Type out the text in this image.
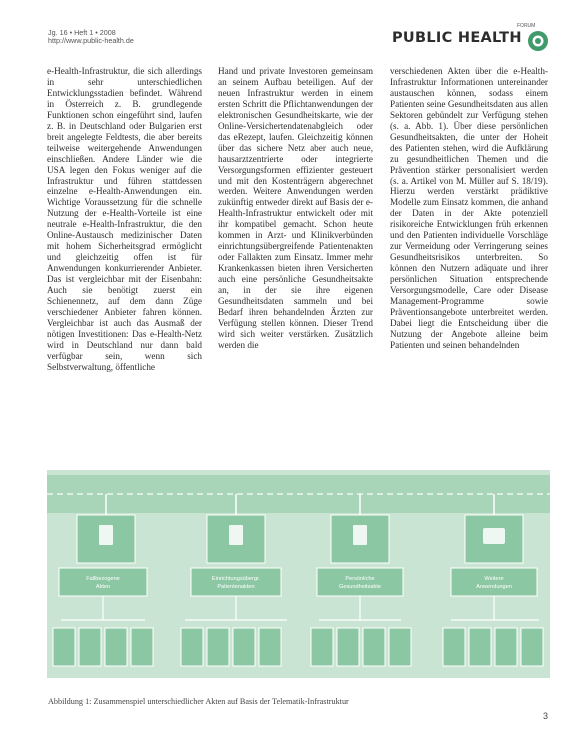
Jg. 16 • Heft 1 • 2008
http://www.public-health.de
FORUM
PUBLIC HEALTH

e-Health-Infrastruktur, die sich allerdings in sehr unterschiedlichen Entwicklungsstadien befindet. Während in Österreich z. B. grundlegende Funktionen schon eingeführt sind, laufen z. B. in Deutschland oder Bulgarien erst breit angelegte Feldtests, die aber bereits teilweise weitergehende Anwendungen einschließen. Andere Länder wie die USA legen den Fokus weniger auf die Infrastruktur und führen stattdessen einzelne e-Health-Anwendungen ein. Wichtige Voraussetzung für die schnelle Nutzung der e-Health-Vorteile ist eine neutrale e-Health-Infrastruktur, die den Online-Austausch medizinischer Daten mit hohem Sicherheitsgrad ermöglicht und gleichzeitig offen ist für Anwendungen konkurrierender Anbieter. Das ist vergleichbar mit der Eisenbahn: Auch sie benötigt zuerst ein Schienennetz, auf dem dann Züge verschiedener Anbieter fahren können. Vergleichbar ist auch das Ausmaß der nötigen Investitionen: Das e-Health-Netz wird in Deutschland nur dann bald verfügbar sein, wenn sich Selbstverwaltung, öffentliche

Hand und private Investoren gemeinsam an seinem Aufbau beteiligen. Auf der neuen Infrastruktur werden in einem ersten Schritt die Pflichtanwendungen der elektronischen Gesundheitskarte, wie der Online-Versichertendatenabgleich oder das eRezept, laufen. Gleichzeitig können über das sichere Netz aber auch neue, hausarztzentrierte oder integrierte Versorgungsformen effizienter gesteuert und mit den Kostenträgern abgerechnet werden. Weitere Anwendungen werden zukünftig entweder direkt auf Basis der e-Health-Infrastruktur entwickelt oder mit ihr kompatibel gemacht. Schon heute kommen in Arzt- und Klinikverbünden einrichtungsübergreifende Patientenakten oder Fallakten zum Einsatz. Immer mehr Krankenkassen bieten ihren Versicherten auch eine persönliche Gesundheitsakte an, in der sie ihre eigenen Gesundheitsdaten sammeln und bei Bedarf ihren behandelnden Ärzten zur Verfügung stellen können. Dieser Trend wird sich weiter verstärken. Zusätzlich werden die

verschiedenen Akten über die e-Health-Infrastruktur Informationen untereinander austauschen können, sodass einem Patienten seine Gesundheitsdaten aus allen Sektoren gebündelt zur Verfügung stehen (s. a. Abb. 1). Über diese persönlichen Gesundheitsakten, die unter der Hoheit des Patienten stehen, wird die Aufklärung zu gesundheitlichen Themen und die Prävention stärker personalisiert werden (s. a. Artikel von M. Müller auf S. 18/19). Hierzu werden verstärkt prädiktive Modelle zum Einsatz kommen, die anhand der Daten in der Akte potenziell risikoreiche Entwicklungen früh erkennen und den Patienten individuelle Vorschläge zur Vermeidung oder Verringerung seines Gesundheitsrisikos unterbreiten. So können den Nutzern adäquate und ihrer persönlichen Situation entsprechende Versorgungsmodelle, Care oder Disease Management-Programme sowie Präventionsangebote unterbreitet werden. Dabei liegt die Entscheidung über die Nutzung der Angebote alleine beim Patienten und seinen behandelnden

Fallbezogene
Akten
Einrichtungsübergr.
Patientenakten
Persönliche
Gesundheitsakte
Weitere
Anwendungen
Abbildung 1: Zusammenspiel unterschiedlicher Akten auf Basis der Telematik-Infrastruktur
3
